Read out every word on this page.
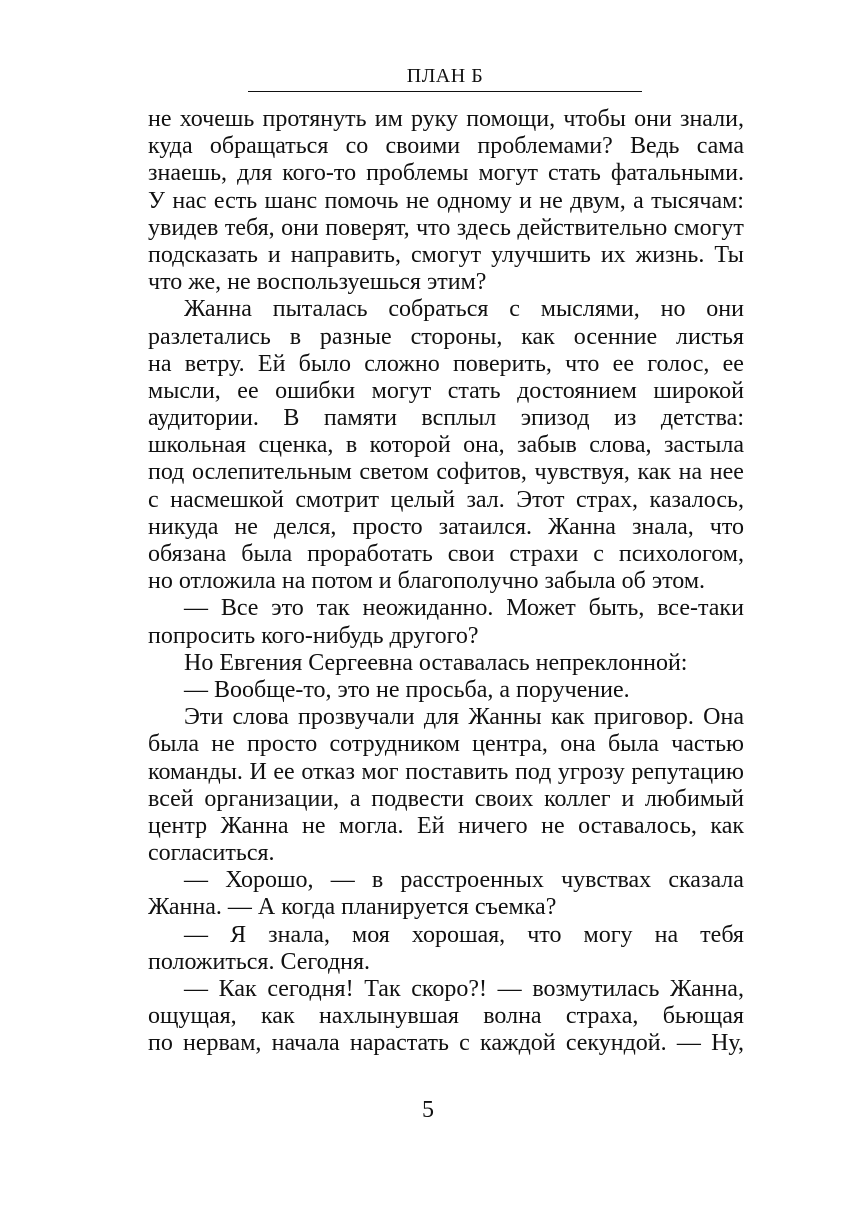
ПЛАН Б
не хочешь протянуть им руку помощи, чтобы они знали,
куда обращаться со своими проблемами? Ведь сама
знаешь, для кого-то проблемы могут стать фатальными.
У нас есть шанс помочь не одному и не двум, а тысячам:
увидев тебя, они поверят, что здесь действительно смогут
подсказать и направить, смогут улучшить их жизнь. Ты
что же, не воспользуешься этим?
Жанна пыталась собраться с мыслями, но они
разлетались в разные стороны, как осенние листья
на ветру. Ей было сложно поверить, что ее голос, ее
мысли, ее ошибки могут стать достоянием широкой
аудитории. В памяти всплыл эпизод из детства:
школьная сценка, в которой она, забыв слова, застыла
под ослепительным светом софитов, чувствуя, как на нее
с насмешкой смотрит целый зал. Этот страх, казалось,
никуда не делся, просто затаился. Жанна знала, что
обязана была проработать свои страхи с психологом,
но отложила на потом и благополучно забыла об этом.
— Все это так неожиданно. Может быть, все-таки
попросить кого-нибудь другого?
Но Евгения Сергеевна оставалась непреклонной:
— Вообще-то, это не просьба, а поручение.
Эти слова прозвучали для Жанны как приговор. Она
была не просто сотрудником центра, она была частью
команды. И ее отказ мог поставить под угрозу репутацию
всей организации, а подвести своих коллег и любимый
центр Жанна не могла. Ей ничего не оставалось, как
согласиться.
— Хорошо, — в расстроенных чувствах сказала
Жанна. — А когда планируется съемка?
— Я знала, моя хорошая, что могу на тебя
положиться. Сегодня.
— Как сегодня! Так скоро?! — возмутилась Жанна,
ощущая, как нахлынувшая волна страха, бьющая
по нервам, начала нарастать с каждой секундой. — Ну,
5
